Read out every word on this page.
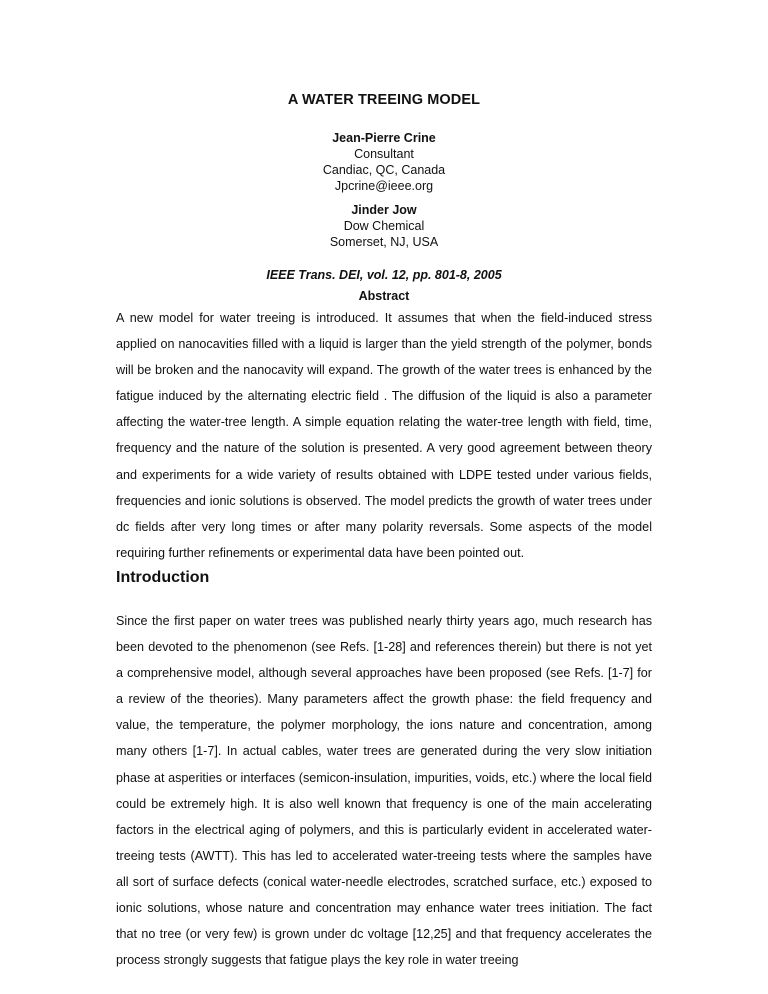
A WATER TREEING MODEL
Jean-Pierre Crine
Consultant
Candiac, QC, Canada
Jpcrine@ieee.org
Jinder Jow
Dow Chemical
Somerset, NJ, USA
IEEE Trans. DEI, vol. 12, pp. 801-8, 2005
Abstract
A new model for water treeing is introduced. It assumes that when the field-induced stress applied on nanocavities filled with a liquid is larger than the yield strength of the polymer, bonds will be broken and the nanocavity will expand. The growth of the water trees is enhanced by the fatigue induced by the alternating electric field . The diffusion of the liquid is also a parameter affecting the water-tree length. A simple equation relating the water-tree length with field, time, frequency and the nature of the solution is presented. A very good agreement between theory and experiments for a wide variety of results obtained with LDPE tested under various fields, frequencies and ionic solutions is observed. The model predicts the growth of water trees under dc fields after very long times or after many polarity reversals. Some aspects of the model requiring further refinements or experimental data have been pointed out.
Introduction
Since the first paper on water trees was published nearly thirty years ago, much research has been devoted to the phenomenon (see Refs. [1-28] and references therein) but there is not yet a comprehensive model, although several approaches have been proposed (see Refs. [1-7] for a review of the theories). Many parameters affect the growth phase: the field frequency and value, the temperature, the polymer morphology, the ions nature and concentration, among many others [1-7]. In actual cables, water trees are generated during the very slow initiation phase at asperities or interfaces (semicon-insulation, impurities, voids, etc.) where the local field could be extremely high. It is also well known that frequency is one of the main accelerating factors in the electrical aging of polymers, and this is particularly evident in accelerated water-treeing tests (AWTT). This has led to accelerated water-treeing tests where the samples have all sort of surface defects (conical water-needle electrodes, scratched surface, etc.) exposed to ionic solutions, whose nature and concentration may enhance water trees initiation. The fact that no tree (or very few) is grown under dc voltage [12,25] and that frequency accelerates the process strongly suggests that fatigue plays the key role in water treeing
